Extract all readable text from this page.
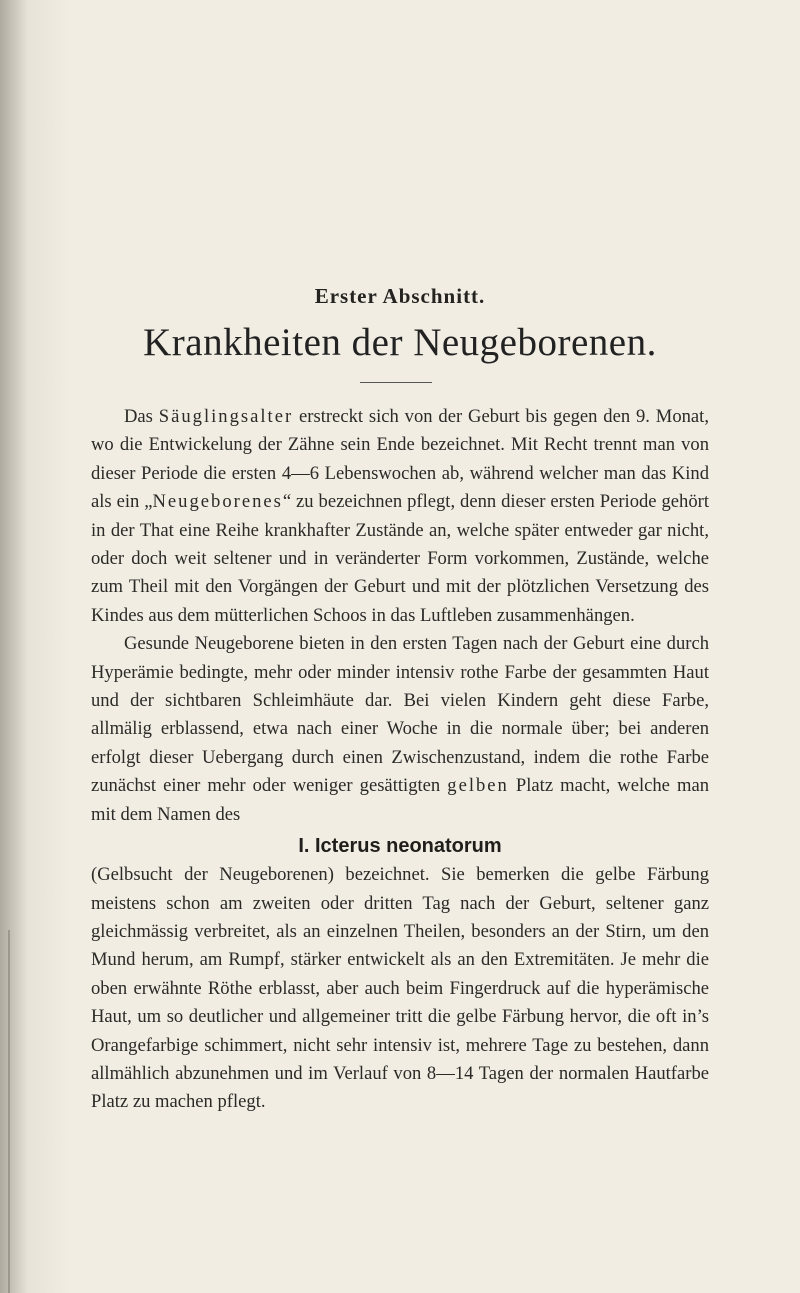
Erster Abschnitt.
Krankheiten der Neugeborenen.

Das Säuglingsalter erstreckt sich von der Geburt bis gegen den 9. Monat, wo die Entwickelung der Zähne sein Ende bezeichnet. Mit Recht trennt man von dieser Periode die ersten 4—6 Lebenswochen ab, während welcher man das Kind als ein „Neugeborenes“ zu bezeichnen pflegt, denn dieser ersten Periode gehört in der That eine Reihe krankhafter Zustände an, welche später entweder gar nicht, oder doch weit seltener und in veränderter Form vorkommen, Zustände, welche zum Theil mit den Vorgängen der Geburt und mit der plötzlichen Versetzung des Kindes aus dem mütterlichen Schoos in das Luftleben zusammenhängen.

Gesunde Neugeborene bieten in den ersten Tagen nach der Geburt eine durch Hyperämie bedingte, mehr oder minder intensiv rothe Farbe der gesammten Haut und der sichtbaren Schleimhäute dar. Bei vielen Kindern geht diese Farbe, allmälig erblassend, etwa nach einer Woche in die normale über; bei anderen erfolgt dieser Uebergang durch einen Zwischenzustand, indem die rothe Farbe zunächst einer mehr oder weniger gesättigten gelben Platz macht, welche man mit dem Namen des

I. Icterus neonatorum

(Gelbsucht der Neugeborenen) bezeichnet. Sie bemerken die gelbe Färbung meistens schon am zweiten oder dritten Tag nach der Geburt, seltener ganz gleichmässig verbreitet, als an einzelnen Theilen, besonders an der Stirn, um den Mund herum, am Rumpf, stärker entwickelt als an den Extremitäten. Je mehr die oben erwähnte Röthe erblasst, aber auch beim Fingerdruck auf die hyperämische Haut, um so deutlicher und allgemeiner tritt die gelbe Färbung hervor, die oft in’s Orangefarbige schimmert, nicht sehr intensiv ist, mehrere Tage zu bestehen, dann allmählich abzunehmen und im Verlauf von 8—14 Tagen der normalen Hautfarbe Platz zu machen pflegt.
